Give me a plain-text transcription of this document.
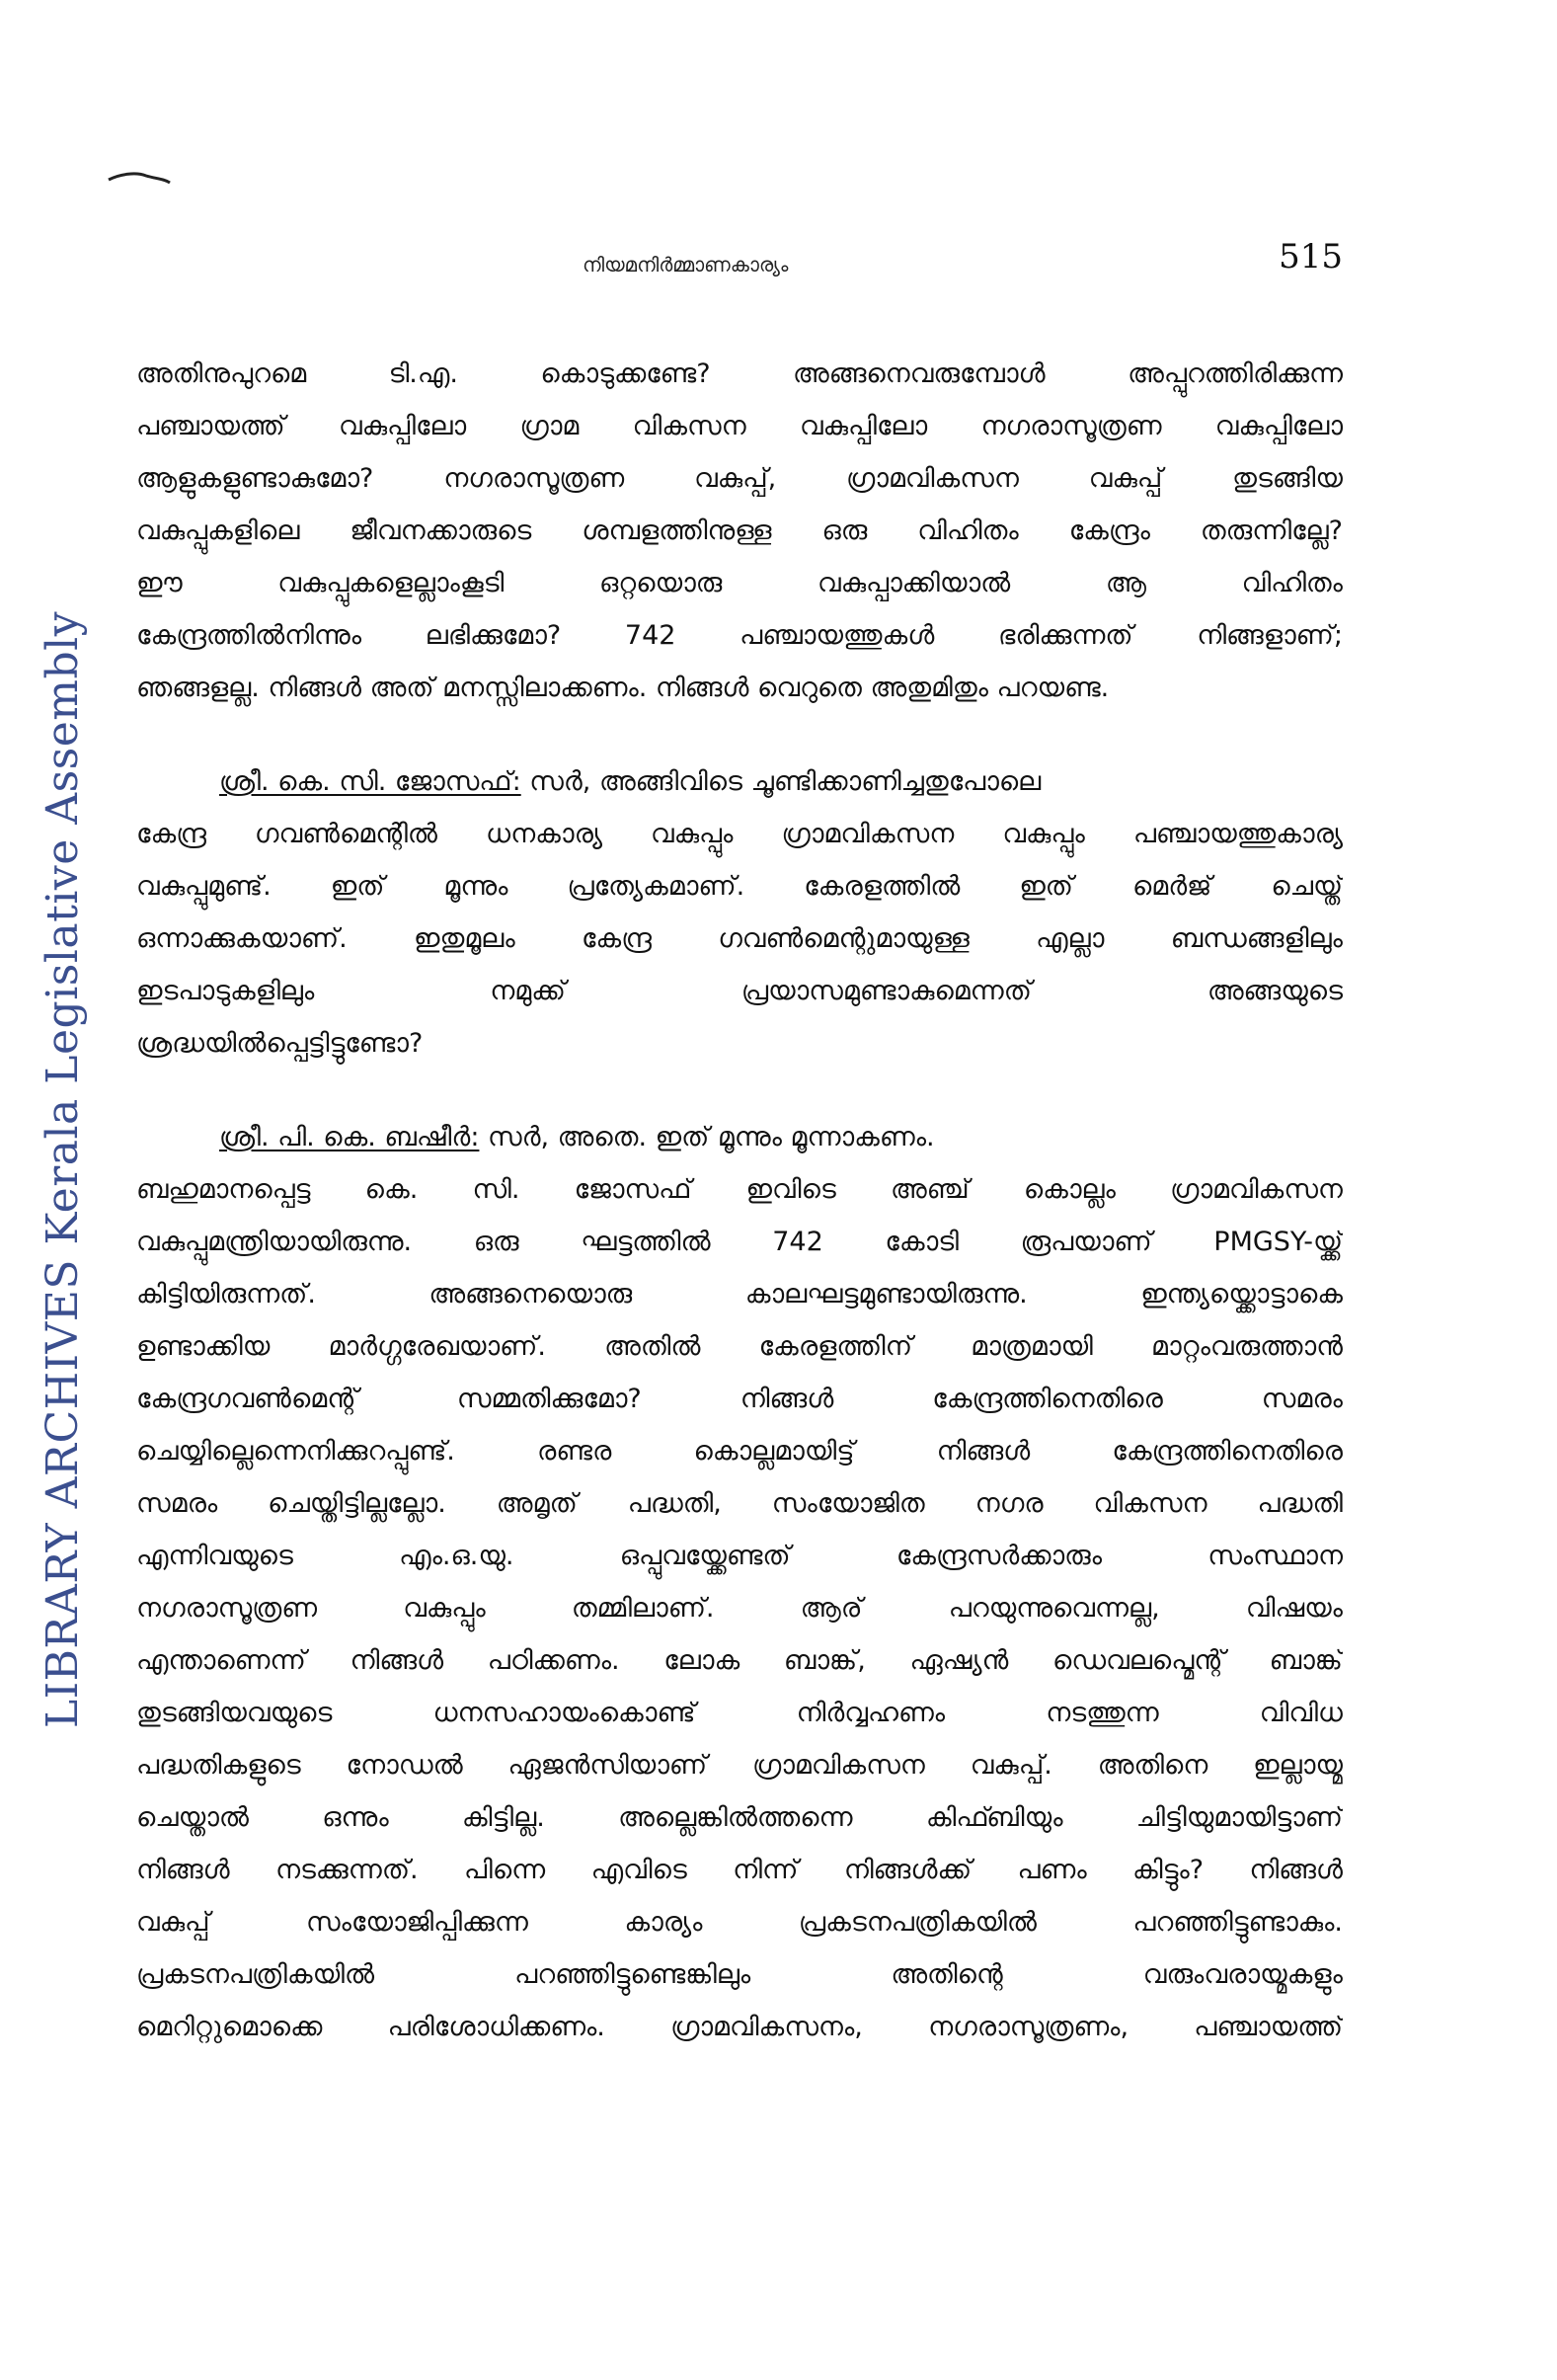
LIBRARY ARCHIVES Kerala Legislative Assembly
നിയമനിർമ്മാണകാര്യം	515
അതിനുപുറമെ ടി.എ. കൊടുക്കണ്ടേ? അങ്ങനെവരുമ്പോൾ അപ്പുറത്തിരിക്കുന്ന
പഞ്ചായത്ത് വകുപ്പിലോ ഗ്രാമ വികസന വകുപ്പിലോ നഗരാസൂത്രണ വകുപ്പിലോ
ആളുകളുണ്ടാകുമോ? നഗരാസൂത്രണ വകുപ്പ്, ഗ്രാമവികസന വകുപ്പ് തുടങ്ങിയ
വകുപ്പുകളിലെ ജീവനക്കാരുടെ ശമ്പളത്തിനുള്ള ഒരു വിഹിതം കേന്ദ്രം തരുന്നില്ലേ?
ഈ വകുപ്പുകളെല്ലാംകൂടി ഒറ്റയൊരു വകുപ്പാക്കിയാൽ ആ വിഹിതം
കേന്ദ്രത്തിൽനിന്നും ലഭിക്കുമോ? 742 പഞ്ചായത്തുകൾ ഭരിക്കുന്നത് നിങ്ങളാണ്;
ഞങ്ങളല്ല. നിങ്ങൾ അത് മനസ്സിലാക്കണം. നിങ്ങൾ വെറുതെ അതുമിതും പറയണ്ട.
ശ്രീ. കെ. സി. ജോസഫ്: സർ, അങ്ങിവിടെ ചൂണ്ടിക്കാണിച്ചതുപോലെ
കേന്ദ്ര ഗവൺമെന്റിൽ ധനകാര്യ വകുപ്പും ഗ്രാമവികസന വകുപ്പും പഞ്ചായത്തുകാര്യ
വകുപ്പുമുണ്ട്. ഇത് മൂന്നും പ്രത്യേകമാണ്. കേരളത്തിൽ ഇത് മെർജ് ചെയ്ത്
ഒന്നാക്കുകയാണ്. ഇതുമൂലം കേന്ദ്ര ഗവൺമെന്റുമായുള്ള എല്ലാ ബന്ധങ്ങളിലും
ഇടപാടുകളിലും നമുക്ക് പ്രയാസമുണ്ടാകുമെന്നത് അങ്ങയുടെ
ശ്രദ്ധയിൽപ്പെട്ടിട്ടുണ്ടോ?
ശ്രീ. പി. കെ. ബഷീർ: സർ, അതെ. ഇത് മൂന്നും മൂന്നാകണം.
ബഹുമാനപ്പെട്ട കെ. സി. ജോസഫ് ഇവിടെ അഞ്ച് കൊല്ലം ഗ്രാമവികസന
വകുപ്പുമന്ത്രിയായിരുന്നു. ഒരു ഘട്ടത്തിൽ 742 കോടി രൂപയാണ് PMGSY-യ്ക്ക്
കിട്ടിയിരുന്നത്. അങ്ങനെയൊരു കാലഘട്ടമുണ്ടായിരുന്നു. ഇന്ത്യയ്ക്കൊട്ടാകെ
ഉണ്ടാക്കിയ മാർഗ്ഗരേഖയാണ്. അതിൽ കേരളത്തിന് മാത്രമായി മാറ്റംവരുത്താൻ
കേന്ദ്രഗവൺമെന്റ് സമ്മതിക്കുമോ? നിങ്ങൾ കേന്ദ്രത്തിനെതിരെ സമരം
ചെയ്യില്ലെന്നെനിക്കുറപ്പുണ്ട്. രണ്ടര കൊല്ലമായിട്ട് നിങ്ങൾ കേന്ദ്രത്തിനെതിരെ
സമരം ചെയ്തിട്ടില്ലല്ലോ. അമൃത് പദ്ധതി, സംയോജിത നഗര വികസന പദ്ധതി
എന്നിവയുടെ എം.ഒ.യു. ഒപ്പുവയ്ക്കേണ്ടത് കേന്ദ്രസർക്കാരും സംസ്ഥാന
നഗരാസൂത്രണ വകുപ്പും തമ്മിലാണ്. ആര് പറയുന്നുവെന്നല്ല, വിഷയം
എന്താണെന്ന് നിങ്ങൾ പഠിക്കണം. ലോക ബാങ്ക്, ഏഷ്യൻ ഡെവലപ്മെന്റ് ബാങ്ക്
തുടങ്ങിയവയുടെ ധനസഹായംകൊണ്ട് നിർവ്വഹണം നടത്തുന്ന വിവിധ
പദ്ധതികളുടെ നോഡൽ ഏജൻസിയാണ് ഗ്രാമവികസന വകുപ്പ്. അതിനെ ഇല്ലായ്മ
ചെയ്താൽ ഒന്നും കിട്ടില്ല. അല്ലെങ്കിൽത്തന്നെ കിഫ്ബിയും ചിട്ടിയുമായിട്ടാണ്
നിങ്ങൾ നടക്കുന്നത്. പിന്നെ എവിടെ നിന്ന് നിങ്ങൾക്ക് പണം കിട്ടും? നിങ്ങൾ
വകുപ്പ് സംയോജിപ്പിക്കുന്ന കാര്യം പ്രകടനപത്രികയിൽ പറഞ്ഞിട്ടുണ്ടാകും.
പ്രകടനപത്രികയിൽ പറഞ്ഞിട്ടുണ്ടെങ്കിലും അതിന്റെ വരുംവരായ്മകളും
മെറിറ്റുമൊക്കെ പരിശോധിക്കണം. ഗ്രാമവികസനം, നഗരാസൂത്രണം, പഞ്ചായത്ത്
